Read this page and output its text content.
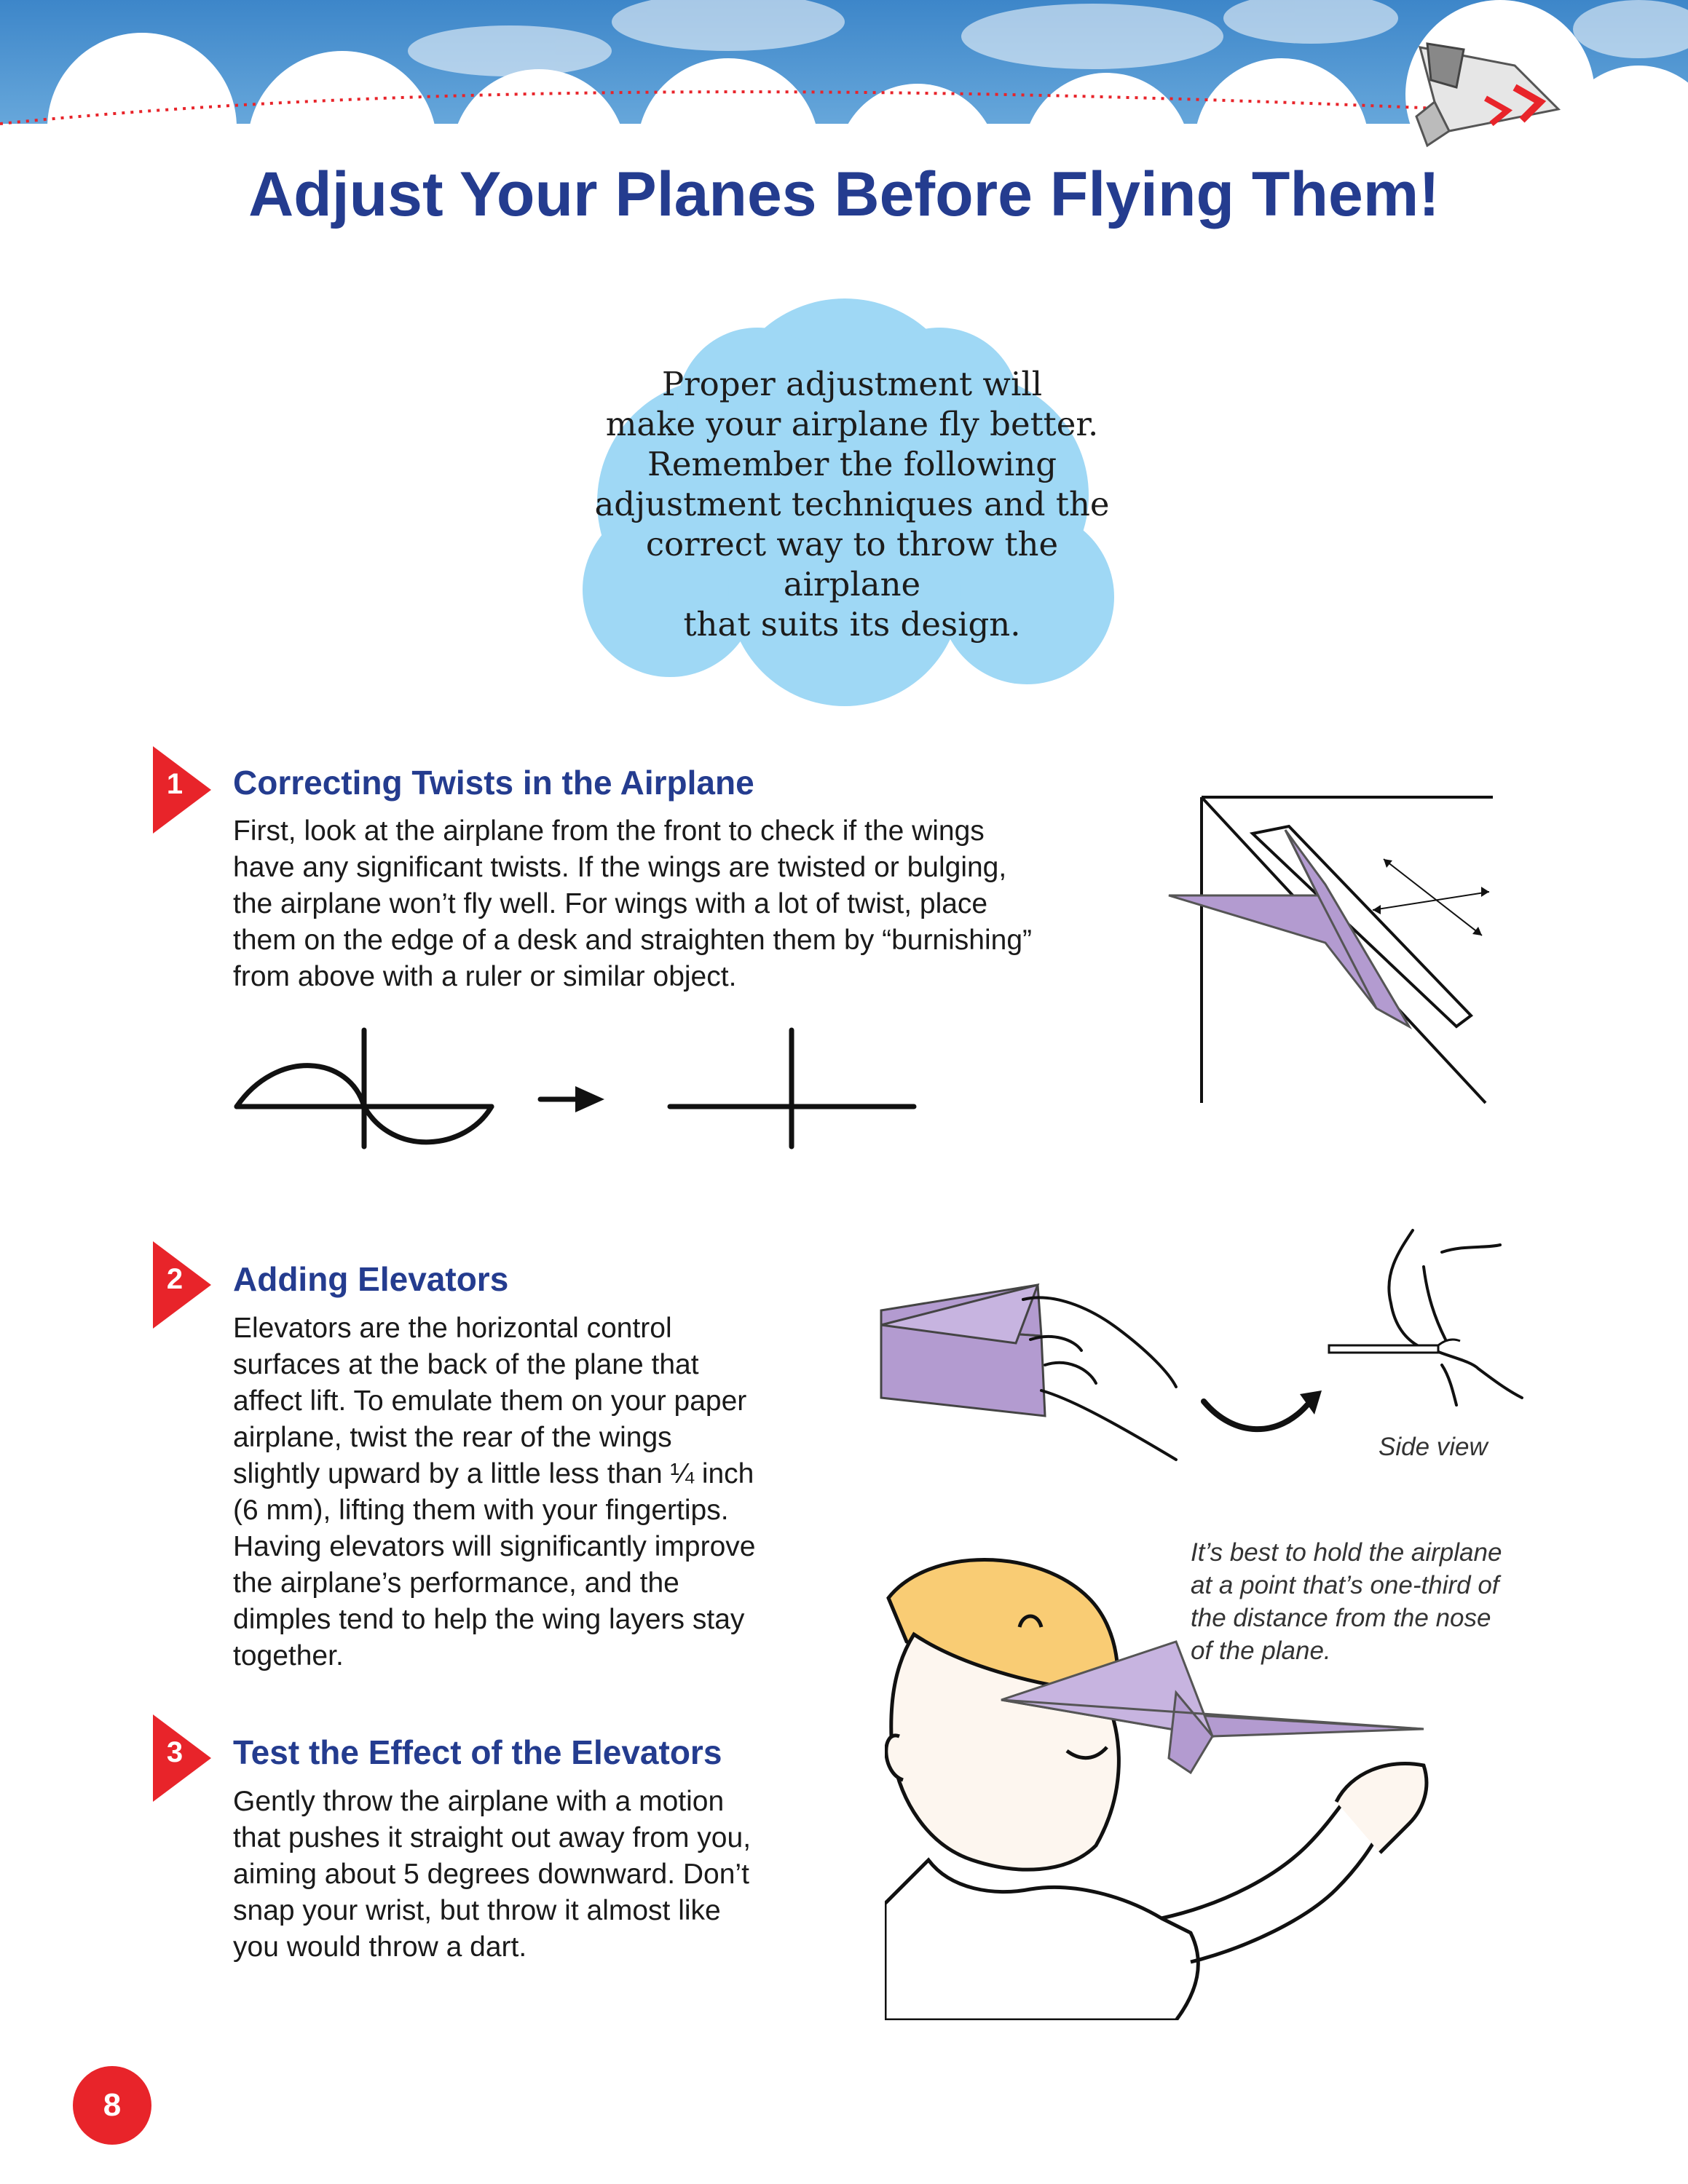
Adjust Your Planes Before Flying Them!
Proper adjustment will
make your airplane fly better.
Remember the following
adjustment techniques and the
correct way to throw the airplane
that suits its design.
1 Correcting Twists in the Airplane
First, look at the airplane from the front to check if the wings
have any significant twists. If the wings are twisted or bulging,
the airplane won’t fly well. For wings with a lot of twist, place
them on the edge of a desk and straighten them by “burnishing”
from above with a ruler or similar object.
2 Adding Elevators
Elevators are the horizontal control
surfaces at the back of the plane that
affect lift. To emulate them on your paper
airplane, twist the rear of the wings
slightly upward by a little less than ¼ inch
(6 mm), lifting them with your fingertips.
Having elevators will significantly improve
the airplane’s performance, and the
dimples tend to help the wing layers stay
together.

Side view

It’s best to hold the airplane
at a point that’s one-third of
the distance from the nose
of the plane.

3 Test the Effect of the Elevators
Gently throw the airplane with a motion
that pushes it straight out away from you,
aiming about 5 degrees downward. Don’t
snap your wrist, but throw it almost like
you would throw a dart.
8
